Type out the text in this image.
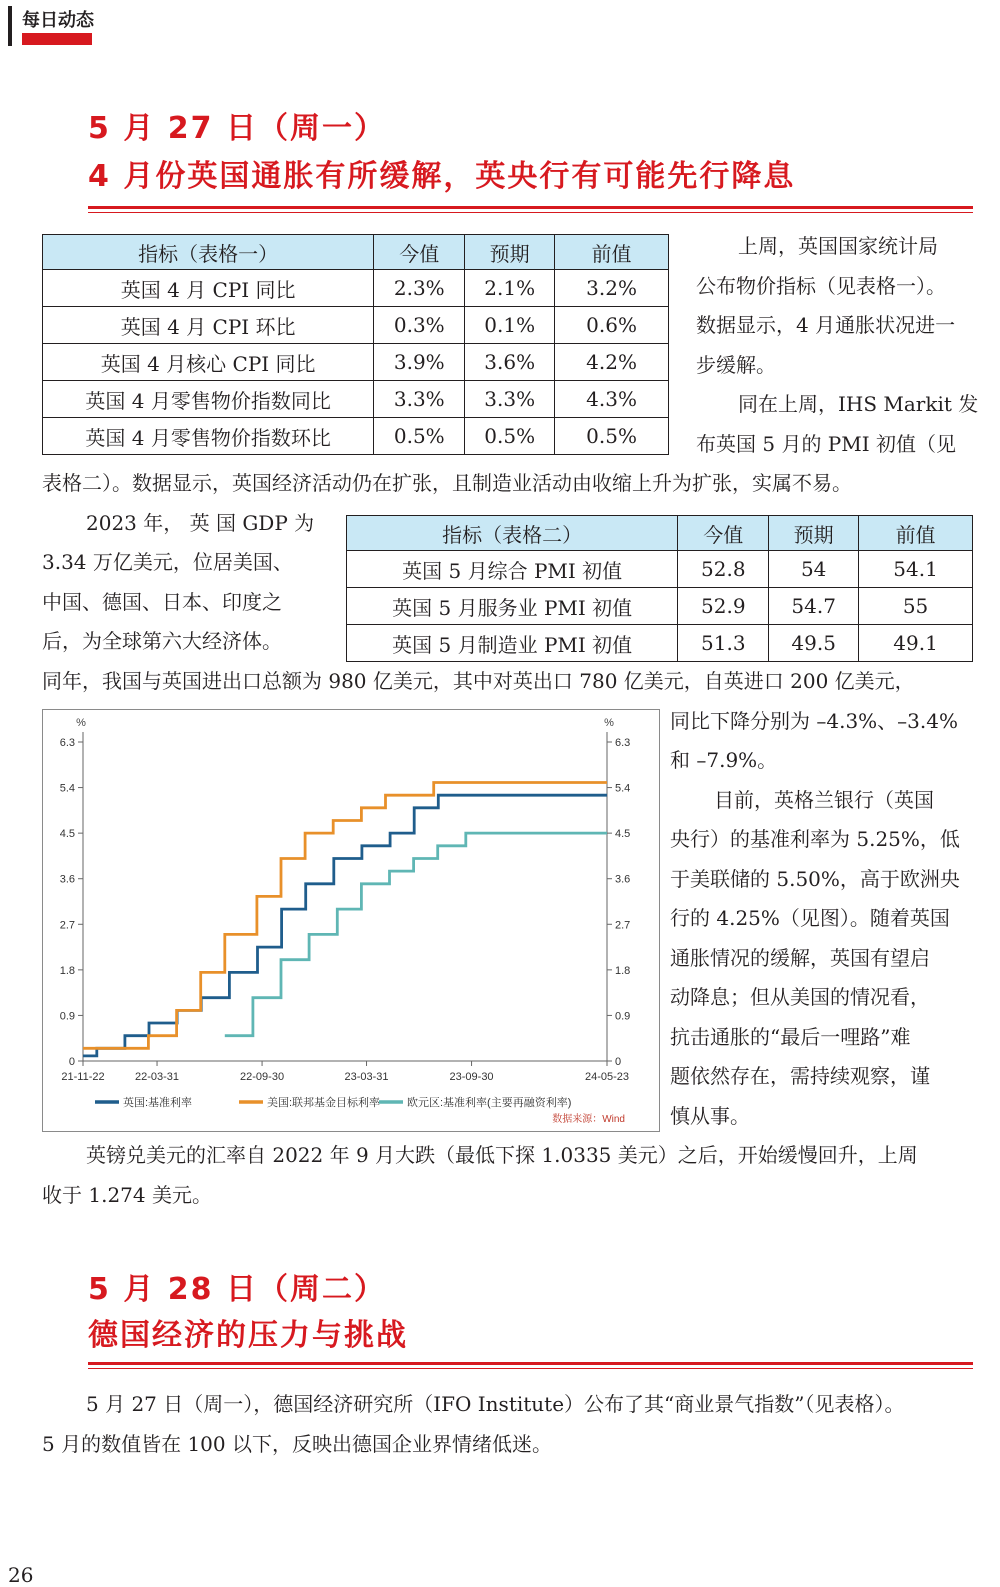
每日动态
5 月 27 日（周一）
4 月份英国通胀有所缓解，英央行有可能先行降息
指标（表格一）	今值	预期	前值
英国 4 月 CPI 同比	2.3%	2.1%	3.2%
英国 4 月 CPI 环比	0.3%	0.1%	0.6%
英国 4 月核心 CPI 同比	3.9%	3.6%	4.2%
英国 4 月零售物价指数同比	3.3%	3.3%	4.3%
英国 4 月零售物价指数环比	0.5%	0.5%	0.5%
上周，英国国家统计局
公布物价指标（见表格一）。
数据显示，4 月通胀状况进一
步缓解。
同在上周，IHS Markit 发
布英国 5 月的 PMI 初值（见
表格二）。数据显示，英国经济活动仍在扩张，且制造业活动由收缩上升为扩张，实属不易。
2023 年， 英 国 GDP 为
3.34 万亿美元，位居美国、
中国、德国、日本、印度之
后，为全球第六大经济体。
指标（表格二）	今值	预期	前值
英国 5 月综合 PMI 初值	52.8	54	54.1
英国 5 月服务业 PMI 初值	52.9	54.7	55
英国 5 月制造业 PMI 初值	51.3	49.5	49.1
同年，我国与英国进出口总额为 980 亿美元，其中对英出口 780 亿美元，自英进口 200 亿美元，
%	%
0	0
0.9	0.9
1.8	1.8
2.7	2.7
3.6	3.6
4.5	4.5
5.4	5.4
6.3	6.3
21-11-22	22-03-31	22-09-30	23-03-31	23-09-30	24-05-23
英国:基准利率	美国:联邦基金目标利率 欧元区:基准利率(主要再融资利率)
数据来源：Wind
同比下降分别为 –4.3%、–3.4%
和 –7.9%。
目前，英格兰银行（英国
央行）的基准利率为 5.25%，低
于美联储的 5.50%，高于欧洲央
行的 4.25%（见图）。随着英国
通胀情况的缓解，英国有望启
动降息；但从美国的情况看，
抗击通胀的“最后一哩路”难
题依然存在，需持续观察，谨
慎从事。
英镑兑美元的汇率自 2022 年 9 月大跌（最低下探 1.0335 美元）之后，开始缓慢回升，上周
收于 1.274 美元。
5 月 28 日（周二）
德国经济的压力与挑战
5 月 27 日（周一），德国经济研究所（IFO Institute）公布了其“商业景气指数”（见表格）。
5 月的数值皆在 100 以下，反映出德国企业界情绪低迷。
26
